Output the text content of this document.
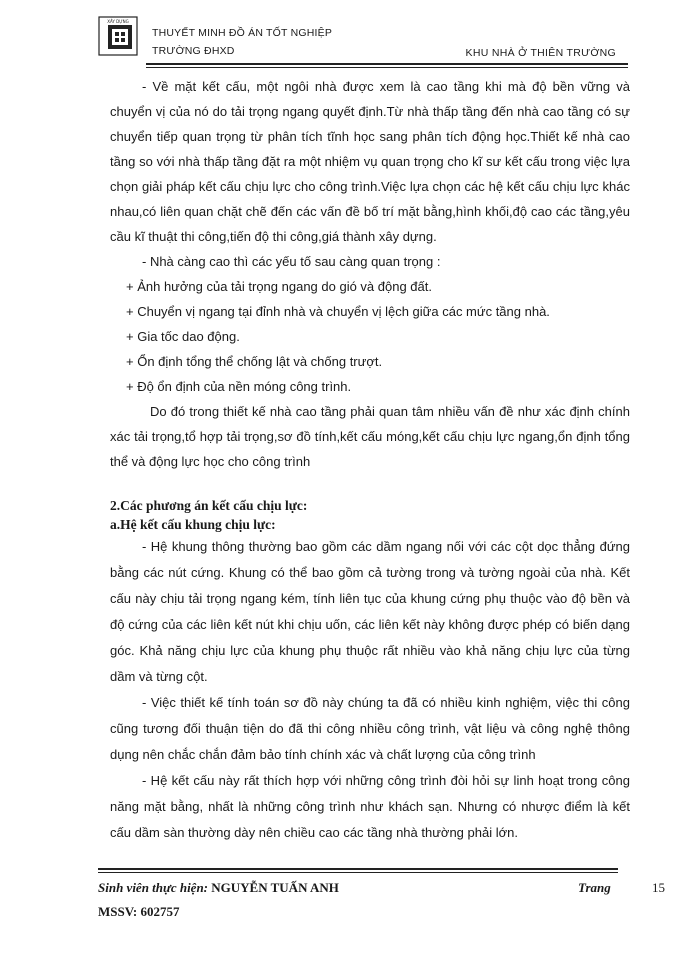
XÂY DỰNG
THUYẾT MINH ĐỒ ÁN TỐT NGHIỆP
TRƯỜNG ĐHXD	KHU NHÀ Ở THIÊN TRƯỜNG

- Về mặt kết cấu, một ngôi nhà được xem là cao tầng khi mà độ bền vững và chuyển vị của nó do tải trọng ngang quyết định.Từ nhà thấp tầng đến nhà cao tầng có sự chuyển tiếp quan trọng từ phân tích tĩnh học sang phân tích động học.Thiết kế nhà cao tầng so với nhà thấp tầng đặt ra một nhiệm vụ quan trọng cho kĩ sư kết cấu trong việc lựa chọn giải pháp kết cấu chịu lực cho công trình.Việc lựa chọn các hệ kết cấu chịu lực khác nhau,có liên quan chặt chẽ đến các vấn đề bố trí mặt bằng,hình khối,độ cao các tầng,yêu cầu kĩ thuật thi công,tiến độ thi công,giá thành xây dựng.

- Nhà càng cao thì các yếu tố sau càng quan trọng :

+ Ảnh hưởng của tải trọng ngang do gió và động đất.

+ Chuyển vị ngang tại đỉnh nhà và chuyển vị lệch giữa các mức tầng nhà.

+ Gia tốc dao động.

+ Ổn định tổng thể chống lật và chống trượt.

+ Độ ổn định của nền móng công trình.

Do đó trong thiết kế nhà cao tầng phải quan tâm nhiều vấn đề như xác định chính xác tải trọng,tổ hợp tải trọng,sơ đồ tính,kết cấu móng,kết cấu chịu lực ngang,ổn định tổng thể và động lực học cho công trình

2.Các phương án kết cấu chịu lực:

a.Hệ kết cấu khung chịu lực:

- Hệ khung thông thường bao gồm các dầm ngang nối với các cột dọc thẳng đứng bằng các nút cứng. Khung có thể bao gồm cả tường trong và tường ngoài của nhà. Kết cấu này chịu tải trọng ngang kém, tính liên tục của khung cứng phụ thuộc vào độ bền và độ cứng của các liên kết nút khi chịu uốn, các liên kết này không được phép có biến dạng góc. Khả năng chịu lực của khung phụ thuộc rất nhiều vào khả năng chịu lực của từng dầm và từng cột.

- Việc thiết kế tính toán sơ đồ này chúng ta đã có nhiều kinh nghiệm, việc thi công cũng tương đối thuận tiện do đã thi công nhiều công trình, vật liệu và công nghệ thông dụng nên chắc chắn đảm bảo tính chính xác và chất lượng của công trình

- Hệ kết cấu này rất thích hợp với những công trình đòi hỏi sự linh hoạt trong công năng mặt bằng, nhất là những công trình như khách sạn. Nhưng có nhược điểm là kết cấu dầm sàn thường dày nên chiều cao các tầng nhà thường phải lớn.

Sinh viên thực hiện: NGUYỄN TUẤN ANH
MSSV: 602757
Trang	15
